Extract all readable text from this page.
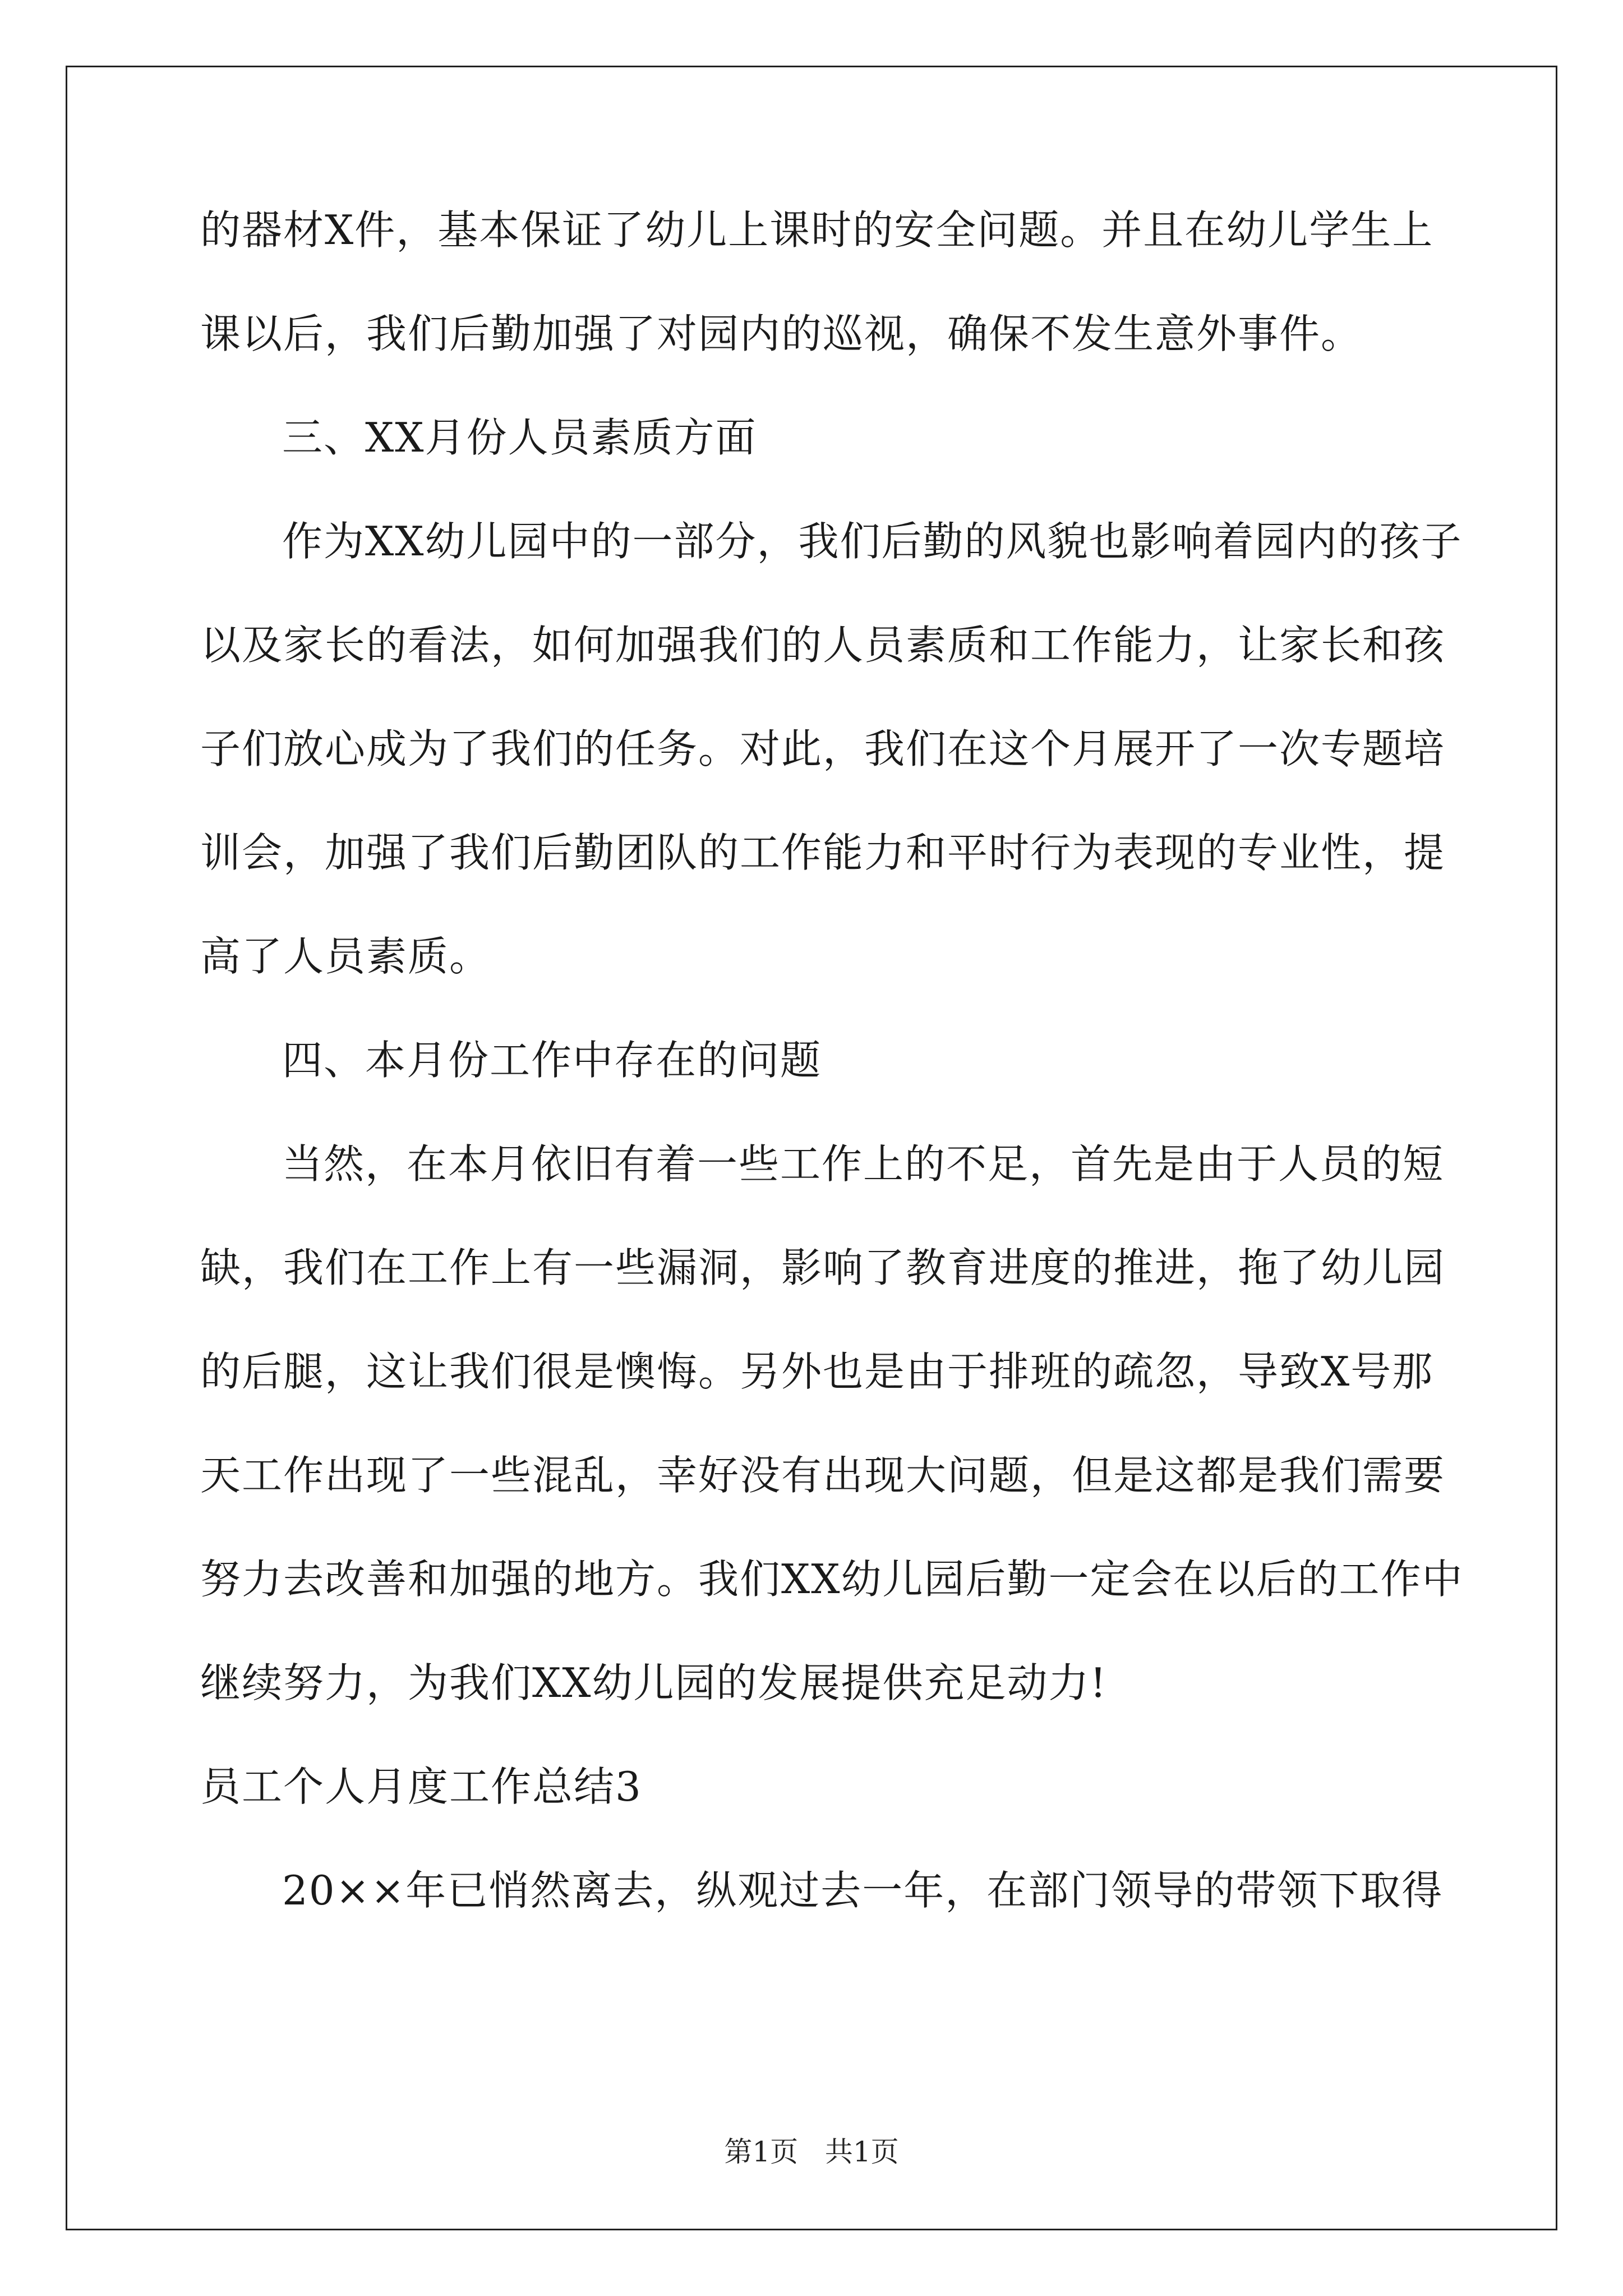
的器材X件，基本保证了幼儿上课时的安全问题。并且在幼儿学生上
课以后，我们后勤加强了对园内的巡视，确保不发生意外事件。
三、XX月份人员素质方面
作为XX幼儿园中的一部分，我们后勤的风貌也影响着园内的孩子
以及家长的看法，如何加强我们的人员素质和工作能力，让家长和孩
子们放心成为了我们的任务。对此，我们在这个月展开了一次专题培
训会，加强了我们后勤团队的工作能力和平时行为表现的专业性，提
高了人员素质。
四、本月份工作中存在的问题
当然，在本月依旧有着一些工作上的不足，首先是由于人员的短
缺，我们在工作上有一些漏洞，影响了教育进度的推进，拖了幼儿园
的后腿，这让我们很是懊悔。另外也是由于排班的疏忽，导致X号那
天工作出现了一些混乱，幸好没有出现大问题，但是这都是我们需要
努力去改善和加强的地方。我们XX幼儿园后勤一定会在以后的工作中
继续努力，为我们XX幼儿园的发展提供充足动力!
员工个人月度工作总结3
20××年已悄然离去，纵观过去一年，在部门领导的带领下取得
第1页   共1页
